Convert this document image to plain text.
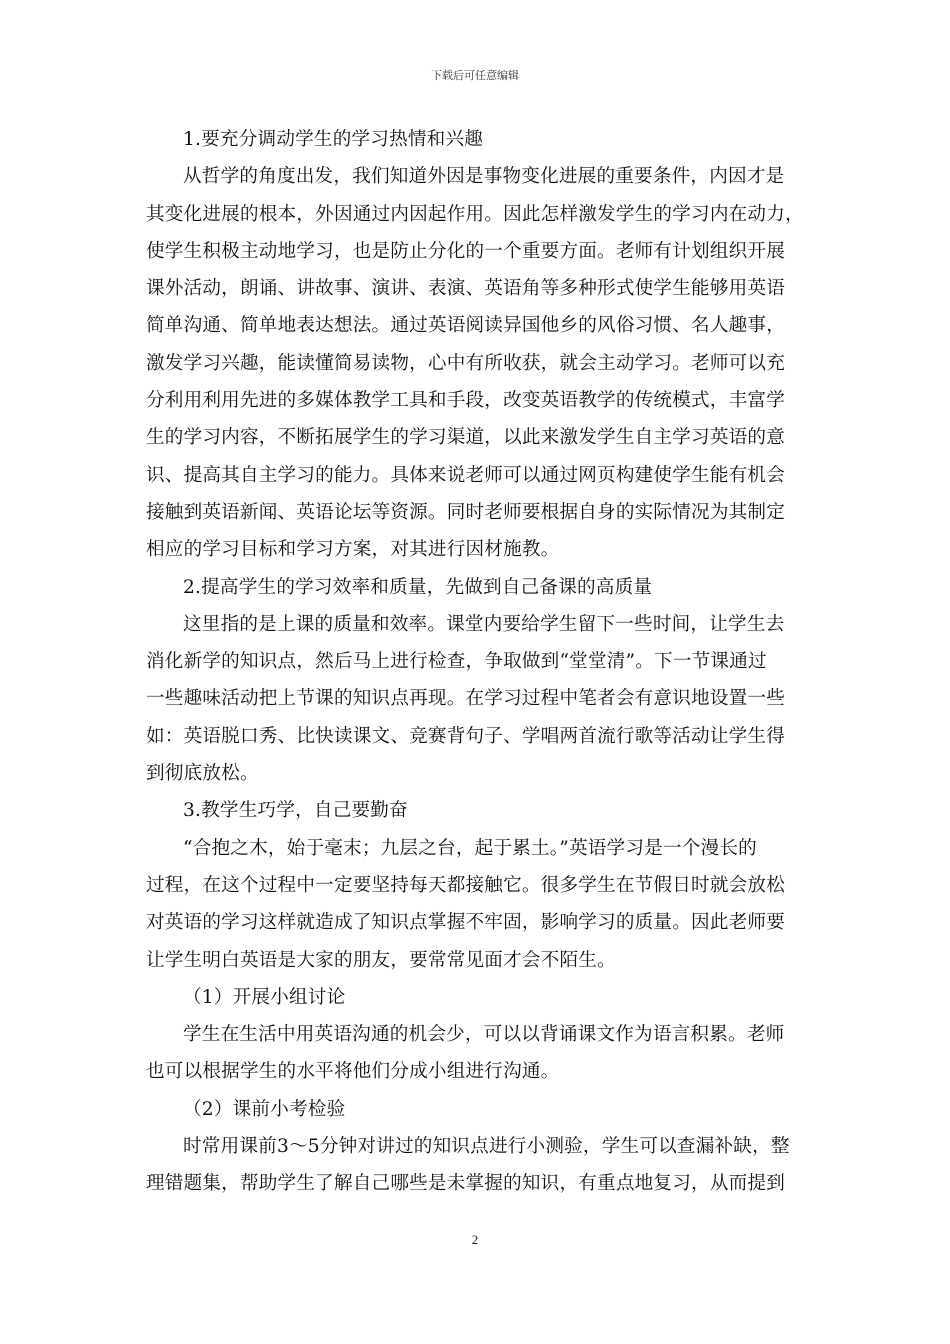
下载后可任意编辑
1.要充分调动学生的学习热情和兴趣
从哲学的角度出发，我们知道外因是事物变化进展的重要条件，内因才是
其变化进展的根本，外因通过内因起作用。因此怎样激发学生的学习内在动力，
使学生积极主动地学习，也是防止分化的一个重要方面。老师有计划组织开展
课外活动，朗诵、讲故事、演讲、表演、英语角等多种形式使学生能够用英语
简单沟通、简单地表达想法。通过英语阅读异国他乡的风俗习惯、名人趣事，
激发学习兴趣，能读懂简易读物，心中有所收获，就会主动学习。老师可以充
分利用利用先进的多媒体教学工具和手段，改变英语教学的传统模式，丰富学
生的学习内容，不断拓展学生的学习渠道，以此来激发学生自主学习英语的意
识、提高其自主学习的能力。具体来说老师可以通过网页构建使学生能有机会
接触到英语新闻、英语论坛等资源。同时老师要根据自身的实际情况为其制定
相应的学习目标和学习方案，对其进行因材施教。
2.提高学生的学习效率和质量，先做到自己备课的高质量
这里指的是上课的质量和效率。课堂内要给学生留下一些时间，让学生去
消化新学的知识点，然后马上进行检查，争取做到“堂堂清”。下一节课通过
一些趣味活动把上节课的知识点再现。在学习过程中笔者会有意识地设置一些
如：英语脱口秀、比快读课文、竞赛背句子、学唱两首流行歌等活动让学生得
到彻底放松。
3.教学生巧学，自己要勤奋
“合抱之木，始于毫末；九层之台，起于累土。”英语学习是一个漫长的
过程，在这个过程中一定要坚持每天都接触它。很多学生在节假日时就会放松
对英语的学习这样就造成了知识点掌握不牢固，影响学习的质量。因此老师要
让学生明白英语是大家的朋友，要常常见面才会不陌生。
（1）开展小组讨论
学生在生活中用英语沟通的机会少，可以以背诵课文作为语言积累。老师
也可以根据学生的水平将他们分成小组进行沟通。
（2）课前小考检验
时常用课前3～5分钟对讲过的知识点进行小测验，学生可以查漏补缺，整
理错题集，帮助学生了解自己哪些是未掌握的知识，有重点地复习，从而提到
2
